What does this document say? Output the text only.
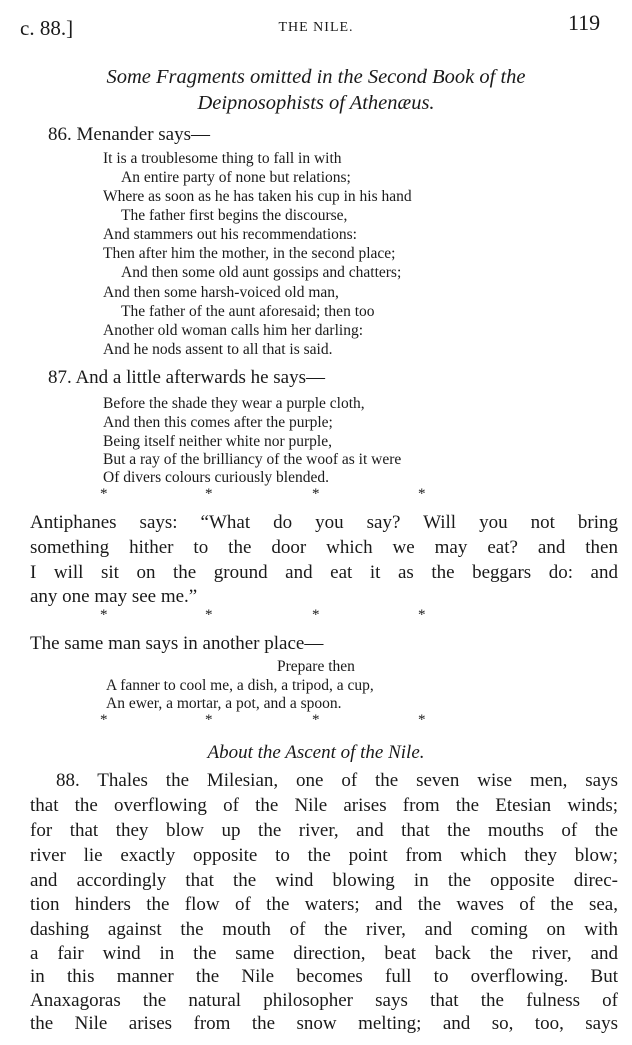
c. 88.]	THE NILE.	119
Some Fragments omitted in the Second Book of the
Deipnosophists of Athenæus.
86. Menander says—
It is a troublesome thing to fall in with
An entire party of none but relations;
Where as soon as he has taken his cup in his hand
The father first begins the discourse,
And stammers out his recommendations:
Then after him the mother, in the second place;
And then some old aunt gossips and chatters;
And then some harsh-voiced old man,
The father of the aunt aforesaid; then too
Another old woman calls him her darling:
And he nods assent to all that is said.
87. And a little afterwards he says—
Before the shade they wear a purple cloth,
And then this comes after the purple;
Being itself neither white nor purple,
But a ray of the brilliancy of the woof as it were
Of divers colours curiously blended.
*	*	*	*
Antiphanes says: “What do you say? Will you not bring
something hither to the door which we may eat? and then
I will sit on the ground and eat it as the beggars do: and
any one may see me.”
*	*	*	*
The same man says in another place—
Prepare then
A fanner to cool me, a dish, a tripod, a cup,
An ewer, a mortar, a pot, and a spoon.
*	*	*	*
About the Ascent of the Nile.
88. Thales the Milesian, one of the seven wise men, says
that the overflowing of the Nile arises from the Etesian winds;
for that they blow up the river, and that the mouths of the
river lie exactly opposite to the point from which they blow;
and accordingly that the wind blowing in the opposite direc-
tion hinders the flow of the waters; and the waves of the sea,
dashing against the mouth of the river, and coming on with
a fair wind in the same direction, beat back the river, and
in this manner the Nile becomes full to overflowing. But
Anaxagoras the natural philosopher says that the fulness of
the Nile arises from the snow melting; and so, too, says
